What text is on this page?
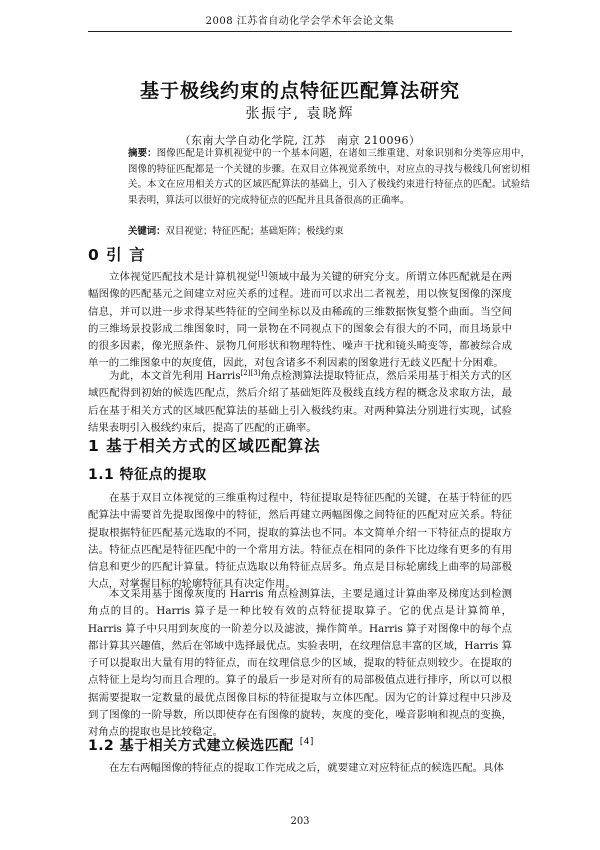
2008 江苏省自动化学会学术年会论文集
基于极线约束的点特征匹配算法研究
张振宇, 袁晓辉
（东南大学自动化学院, 江苏　南京 210096）
摘要：图像匹配是计算机视觉中的一个基本问题，在诸如三维重建、对象识别和分类等应用中，图像的特征匹配都是一个关键的步骤。在双目立体视觉系统中，对应点的寻找与极线几何密切相关。本文在应用相关方式的区域匹配算法的基础上，引入了极线约束进行特征点的匹配。试验结果表明，算法可以很好的完成特征点的匹配并且具备很高的正确率。
关键词：双目视觉；特征匹配；基础矩阵；极线约束
0 引 言

立体视觉匹配技术是计算机视觉[1]领域中最为关键的研究分支。所谓立体匹配就是在两幅图像的匹配基元之间建立对应关系的过程。进而可以求出二者视差，用以恢复图像的深度信息，并可以进一步求得某些特征的空间坐标以及由稀疏的三维数据恢复整个曲面。当空间的三维场景投影成二维图象时，同一景物在不同视点下的图象会有很大的不同，而且场景中的很多因素，像光照条件、景物几何形状和物理特性、噪声干扰和镜头畸变等，都被综合成单一的二维图象中的灰度值，因此，对包含诸多不利因素的图象进行无歧义匹配十分困难。

为此，本文首先利用 Harris[2][3]角点检测算法提取特征点，然后采用基于相关方式的区域匹配得到初始的候选匹配点，然后介绍了基础矩阵及极线直线方程的概念及求取方法，最后在基于相关方式的区域匹配算法的基础上引入极线约束。对两种算法分别进行实现，试验结果表明引入极线约束后，提高了匹配的正确率。

1 基于相关方式的区域匹配算法
1.1 特征点的提取

在基于双目立体视觉的三维重构过程中，特征提取是特征匹配的关键，在基于特征的匹配算法中需要首先提取图像中的特征，然后再建立两幅图像之间特征的匹配对应关系。特征提取根据特征匹配基元选取的不同，提取的算法也不同。本文简单介绍一下特征点的提取方法。特征点匹配是特征匹配中的一个常用方法。特征点在相同的条件下比边缘有更多的有用信息和更少的匹配计算量。特征点选取以角特征点居多。角点是目标轮廓线上曲率的局部极大点，对掌握目标的轮廓特征具有决定作用。

本文采用基于图像灰度的 Harris 角点检测算法，主要是通过计算曲率及梯度达到检测角点的目的。Harris 算子是一种比较有效的点特征提取算子。它的优点是计算简单，Harris 算子中只用到灰度的一阶差分以及滤波，操作简单。Harris 算子对图像中的每个点都计算其兴趣值，然后在邻域中选择最优点。实验表明，在纹理信息丰富的区域，Harris 算子可以提取出大量有用的特征点，而在纹理信息少的区域，提取的特征点则较少。在提取的点特征上是均匀而且合理的。算子的最后一步是对所有的局部极值点进行排序，所以可以根据需要提取一定数量的最优点图像目标的特征提取与立体匹配。因为它的计算过程中只涉及到了图像的一阶导数，所以即使存在有图像的旋转，灰度的变化，噪音影响和视点的变换，对角点的提取也是比较稳定。

1.2 基于相关方式建立候选匹配 [4]

在左右两幅图像的特征点的提取工作完成之后，就要建立对应特征点的候选匹配。具体

203
